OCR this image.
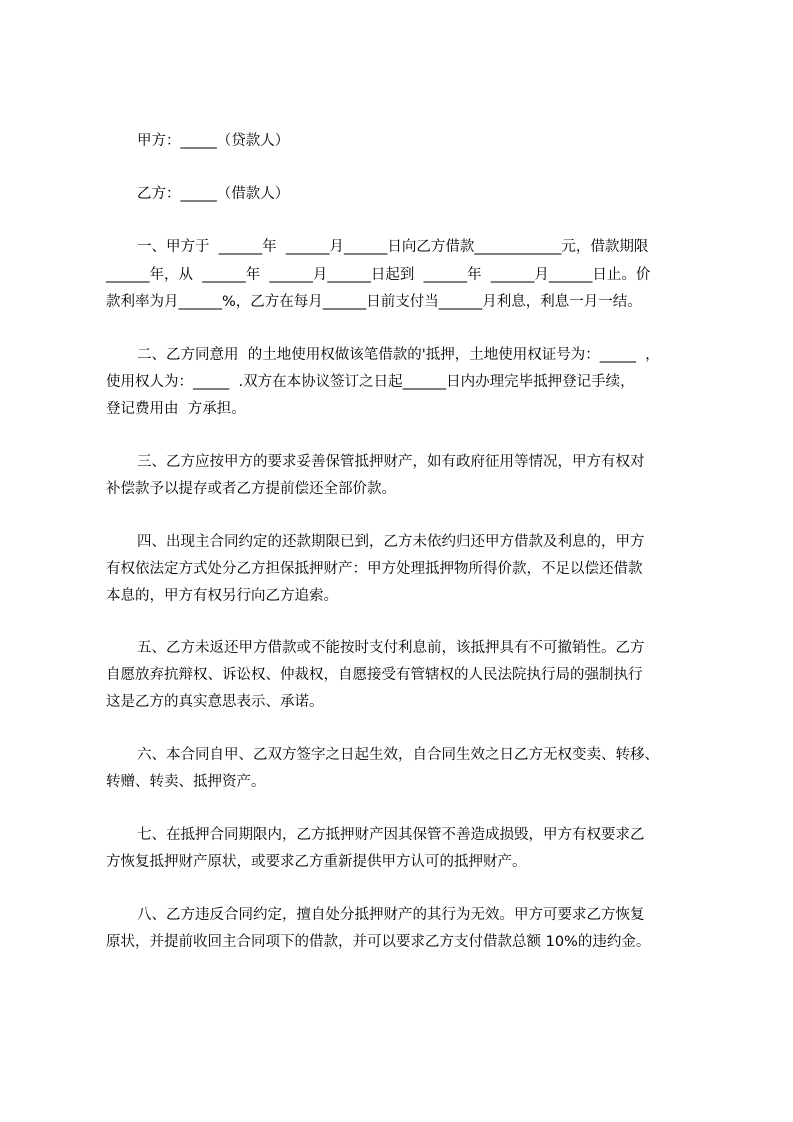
甲方：_____（贷款人）
乙方：_____（借款人）
一、甲方于  ______年  ______月______日向乙方借款____________元，借款期限
______年，从  ______年  ______月______日起到  ______年  ______月______日止。价
款利率为月______%，乙方在每月______日前支付当______月利息，利息一月一结。
二、乙方同意用  的土地使用权做该笔借款的'抵押，土地使用权证号为：_____  ，
使用权人为：_____  .双方在本协议签订之日起______日内办理完毕抵押登记手续，
登记费用由  方承担。
三、乙方应按甲方的要求妥善保管抵押财产，如有政府征用等情况，甲方有权对
补偿款予以提存或者乙方提前偿还全部价款。
四、出现主合同约定的还款期限已到，乙方未依约归还甲方借款及利息的，甲方
有权依法定方式处分乙方担保抵押财产：甲方处理抵押物所得价款，不足以偿还借款
本息的，甲方有权另行向乙方追索。
五、乙方未返还甲方借款或不能按时支付利息前，该抵押具有不可撤销性。乙方
自愿放弃抗辩权、诉讼权、仲裁权，自愿接受有管辖权的人民法院执行局的强制执行
这是乙方的真实意思表示、承诺。
六、本合同自甲、乙双方签字之日起生效，自合同生效之日乙方无权变卖、转移、
转赠、转卖、抵押资产。
七、在抵押合同期限内，乙方抵押财产因其保管不善造成损毁，甲方有权要求乙
方恢复抵押财产原状，或要求乙方重新提供甲方认可的抵押财产。
八、乙方违反合同约定，擅自处分抵押财产的其行为无效。甲方可要求乙方恢复
原状，并提前收回主合同项下的借款，并可以要求乙方支付借款总额 10%的违约金。
